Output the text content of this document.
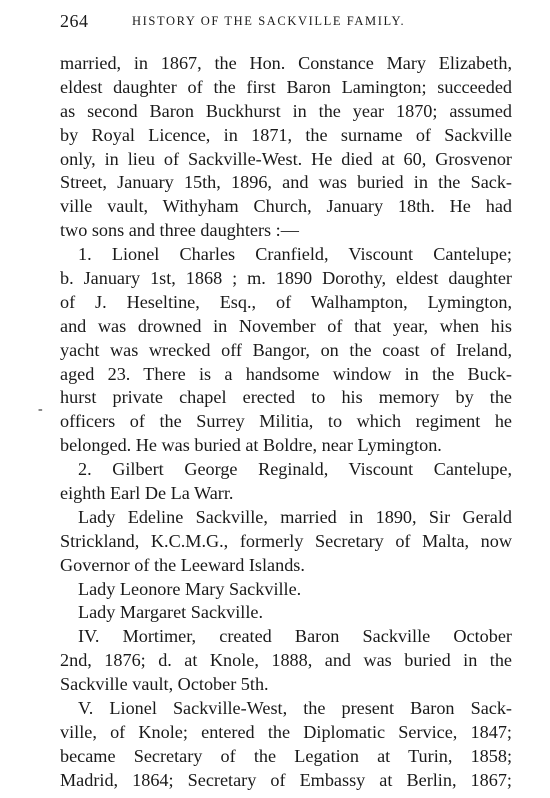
264	HISTORY OF THE SACKVILLE FAMILY.
married, in 1867, the Hon. Constance Mary Elizabeth,
eldest daughter of the first Baron Lamington; succeeded
as second Baron Buckhurst in the year 1870; assumed
by Royal Licence, in 1871, the surname of Sackville
only, in lieu of Sackville-West. He died at 60, Grosvenor
Street, January 15th, 1896, and was buried in the Sack-
ville vault, Withyham Church, January 18th. He had
two sons and three daughters :—
1. Lionel Charles Cranfield, Viscount Cantelupe;
b. January 1st, 1868 ; m. 1890 Dorothy, eldest daughter
of J. Heseltine, Esq., of Walhampton, Lymington,
and was drowned in November of that year, when his
yacht was wrecked off Bangor, on the coast of Ireland,
aged 23. There is a handsome window in the Buck-
hurst private chapel erected to his memory by the
officers of the Surrey Militia, to which regiment he
belonged. He was buried at Boldre, near Lymington.
2. Gilbert George Reginald, Viscount Cantelupe,
eighth Earl De La Warr.
Lady Edeline Sackville, married in 1890, Sir Gerald
Strickland, K.C.M.G., formerly Secretary of Malta, now
Governor of the Leeward Islands.
Lady Leonore Mary Sackville.
Lady Margaret Sackville.
IV. Mortimer, created Baron Sackville October
2nd, 1876; d. at Knole, 1888, and was buried in the
Sackville vault, October 5th.
V. Lionel Sackville-West, the present Baron Sack-
ville, of Knole; entered the Diplomatic Service, 1847;
became Secretary of the Legation at Turin, 1858;
Madrid, 1864; Secretary of Embassy at Berlin, 1867;
-
